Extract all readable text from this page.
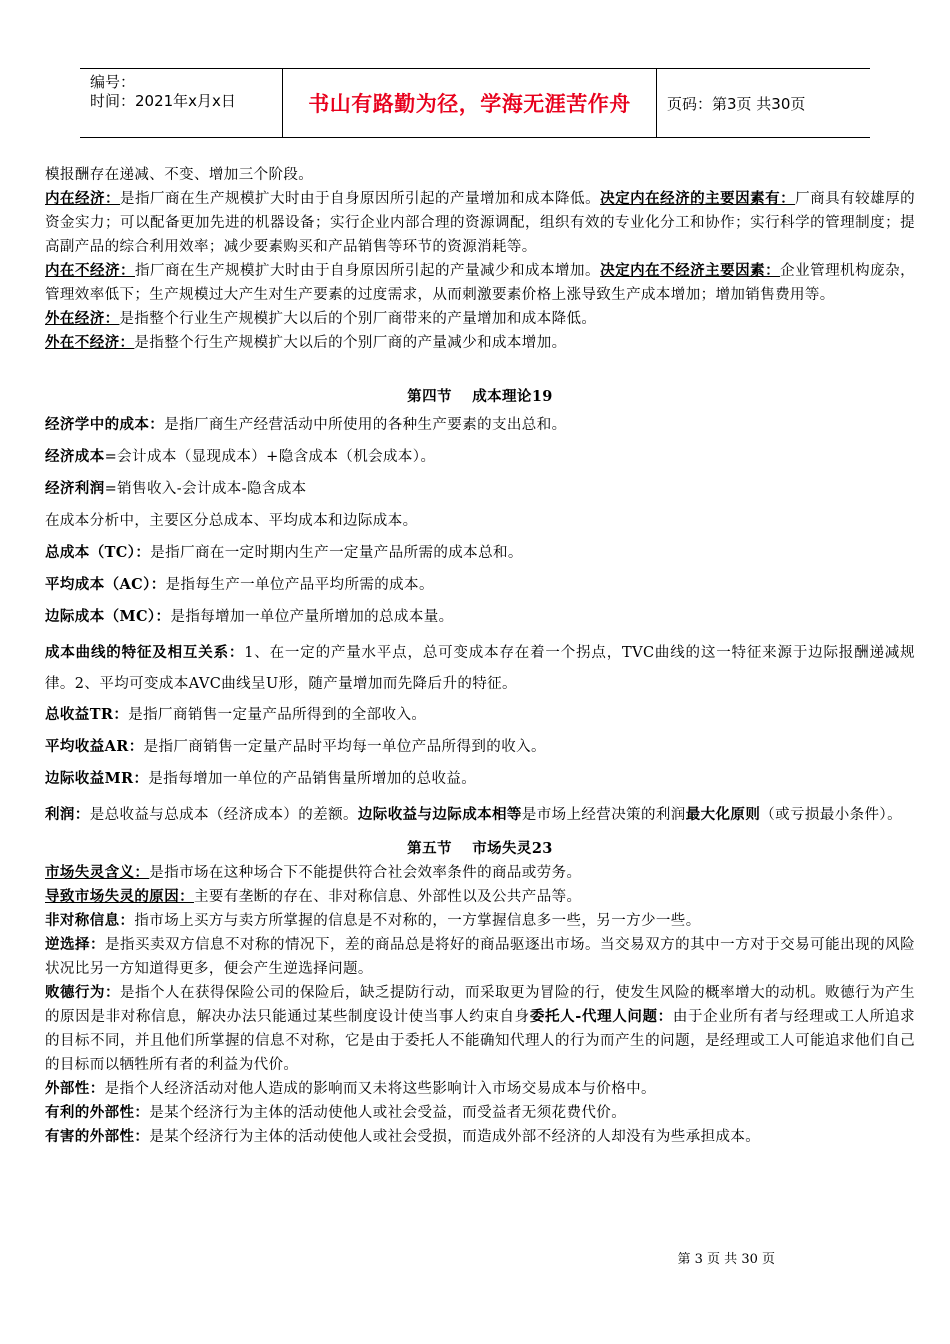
编号：
时间：2021年x月x日	书山有路勤为径，学海无涯苦作舟	页码：第3页 共30页

模报酬存在递减、不变、增加三个阶段。

内在经济：是指厂商在生产规模扩大时由于自身原因所引起的产量增加和成本降低。决定内在经济的主要因素有：厂商具有较雄厚的资金实力；可以配备更加先进的机器设备；实行企业内部合理的资源调配，组织有效的专业化分工和协作；实行科学的管理制度；提高副产品的综合利用效率；减少要素购买和产品销售等环节的资源消耗等。

内在不经济：指厂商在生产规模扩大时由于自身原因所引起的产量减少和成本增加。决定内在不经济主要因素：企业管理机构庞杂，管理效率低下；生产规模过大产生对生产要素的过度需求，从而刺激要素价格上涨导致生产成本增加；增加销售费用等。

外在经济：是指整个行业生产规模扩大以后的个别厂商带来的产量增加和成本降低。

外在不经济：是指整个行生产规模扩大以后的个别厂商的产量减少和成本增加。

第四节　 成本理论19

经济学中的成本：是指厂商生产经营活动中所使用的各种生产要素的支出总和。

经济成本=会计成本（显现成本）+隐含成本（机会成本）。

经济利润=销售收入-会计成本-隐含成本

在成本分析中，主要区分总成本、平均成本和边际成本。

总成本（TC）：是指厂商在一定时期内生产一定量产品所需的成本总和。

平均成本（AC）：是指每生产一单位产品平均所需的成本。

边际成本（MC）：是指每增加一单位产量所增加的总成本量。

成本曲线的特征及相互关系：1、在一定的产量水平点，总可变成本存在着一个拐点，TVC曲线的这一特征来源于边际报酬递减规律。2、平均可变成本AVC曲线呈U形，随产量增加而先降后升的特征。

总收益TR：是指厂商销售一定量产品所得到的全部收入。

平均收益AR：是指厂商销售一定量产品时平均每一单位产品所得到的收入。

边际收益MR：是指每增加一单位的产品销售量所增加的总收益。

利润：是总收益与总成本（经济成本）的差额。边际收益与边际成本相等是市场上经营决策的利润最大化原则（或亏损最小条件）。

第五节　 市场失灵23

市场失灵含义：是指市场在这种场合下不能提供符合社会效率条件的商品或劳务。

导致市场失灵的原因：主要有垄断的存在、非对称信息、外部性以及公共产品等。

非对称信息：指市场上买方与卖方所掌握的信息是不对称的，一方掌握信息多一些，另一方少一些。

逆选择：是指买卖双方信息不对称的情况下，差的商品总是将好的商品驱逐出市场。当交易双方的其中一方对于交易可能出现的风险状况比另一方知道得更多，便会产生逆选择问题。

败德行为：是指个人在获得保险公司的保险后，缺乏提防行动，而采取更为冒险的行，使发生风险的概率增大的动机。败德行为产生的原因是非对称信息，解决办法只能通过某些制度设计使当事人约束自身委托人-代理人问题：由于企业所有者与经理或工人所追求的目标不同，并且他们所掌握的信息不对称，它是由于委托人不能确知代理人的行为而产生的问题，是经理或工人可能追求他们自己的目标而以牺牲所有者的利益为代价。

外部性：是指个人经济活动对他人造成的影响而又未将这些影响计入市场交易成本与价格中。

有利的外部性：是某个经济行为主体的活动使他人或社会受益，而受益者无须花费代价。

有害的外部性：是某个经济行为主体的活动使他人或社会受损，而造成外部不经济的人却没有为些承担成本。

第 3 页 共 30 页
